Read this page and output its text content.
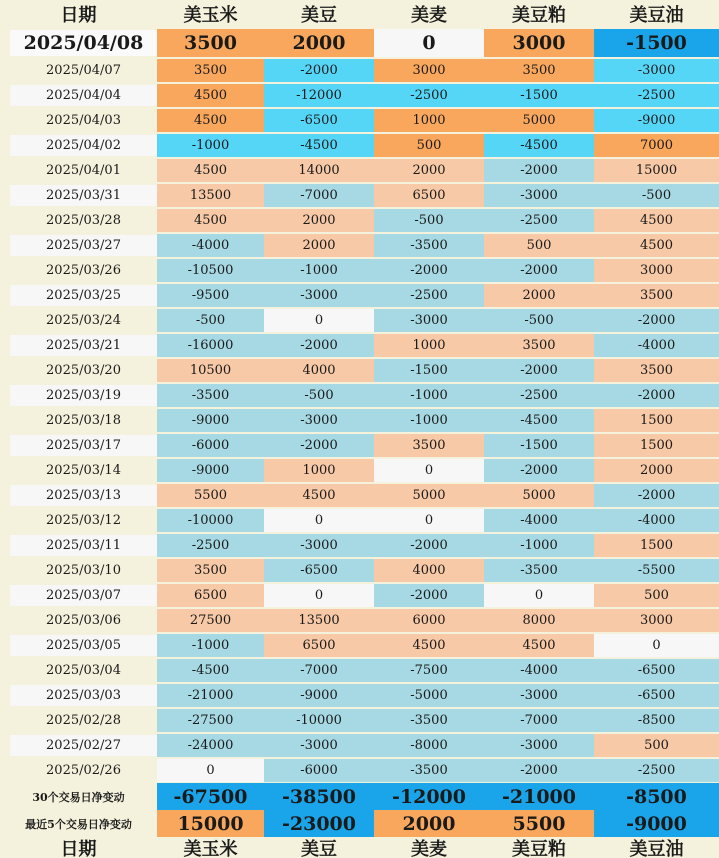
日期	美玉米	美豆	美麦	美豆粕	美豆油
2025/04/08	3500	2000	0	3000	-1500
2025/04/07	3500	-2000	3000	3500	-3000
2025/04/04	4500	-12000	-2500	-1500	-2500
2025/04/03	4500	-6500	1000	5000	-9000
2025/04/02	-1000	-4500	500	-4500	7000
2025/04/01	4500	14000	2000	-2000	15000
2025/03/31	13500	-7000	6500	-3000	-500
2025/03/28	4500	2000	-500	-2500	4500
2025/03/27	-4000	2000	-3500	500	4500
2025/03/26	-10500	-1000	-2000	-2000	3000
2025/03/25	-9500	-3000	-2500	2000	3500
2025/03/24	-500	0	-3000	-500	-2000
2025/03/21	-16000	-2000	1000	3500	-4000
2025/03/20	10500	4000	-1500	-2000	3500
2025/03/19	-3500	-500	-1000	-2500	-2000
2025/03/18	-9000	-3000	-1000	-4500	1500
2025/03/17	-6000	-2000	3500	-1500	1500
2025/03/14	-9000	1000	0	-2000	2000
2025/03/13	5500	4500	5000	5000	-2000
2025/03/12	-10000	0	0	-4000	-4000
2025/03/11	-2500	-3000	-2000	-1000	1500
2025/03/10	3500	-6500	4000	-3500	-5500
2025/03/07	6500	0	-2000	0	500
2025/03/06	27500	13500	6000	8000	3000
2025/03/05	-1000	6500	4500	4500	0
2025/03/04	-4500	-7000	-7500	-4000	-6500
2025/03/03	-21000	-9000	-5000	-3000	-6500
2025/02/28	-27500	-10000	-3500	-7000	-8500
2025/02/27	-24000	-3000	-8000	-3000	500
2025/02/26	0	-6000	-3500	-2000	-2500
30个交易日净变动	-67500	-38500	-12000	-21000	-8500
最近5个交易日净变动	15000	-23000	2000	5500	-9000
日期	美玉米	美豆	美麦	美豆粕	美豆油
